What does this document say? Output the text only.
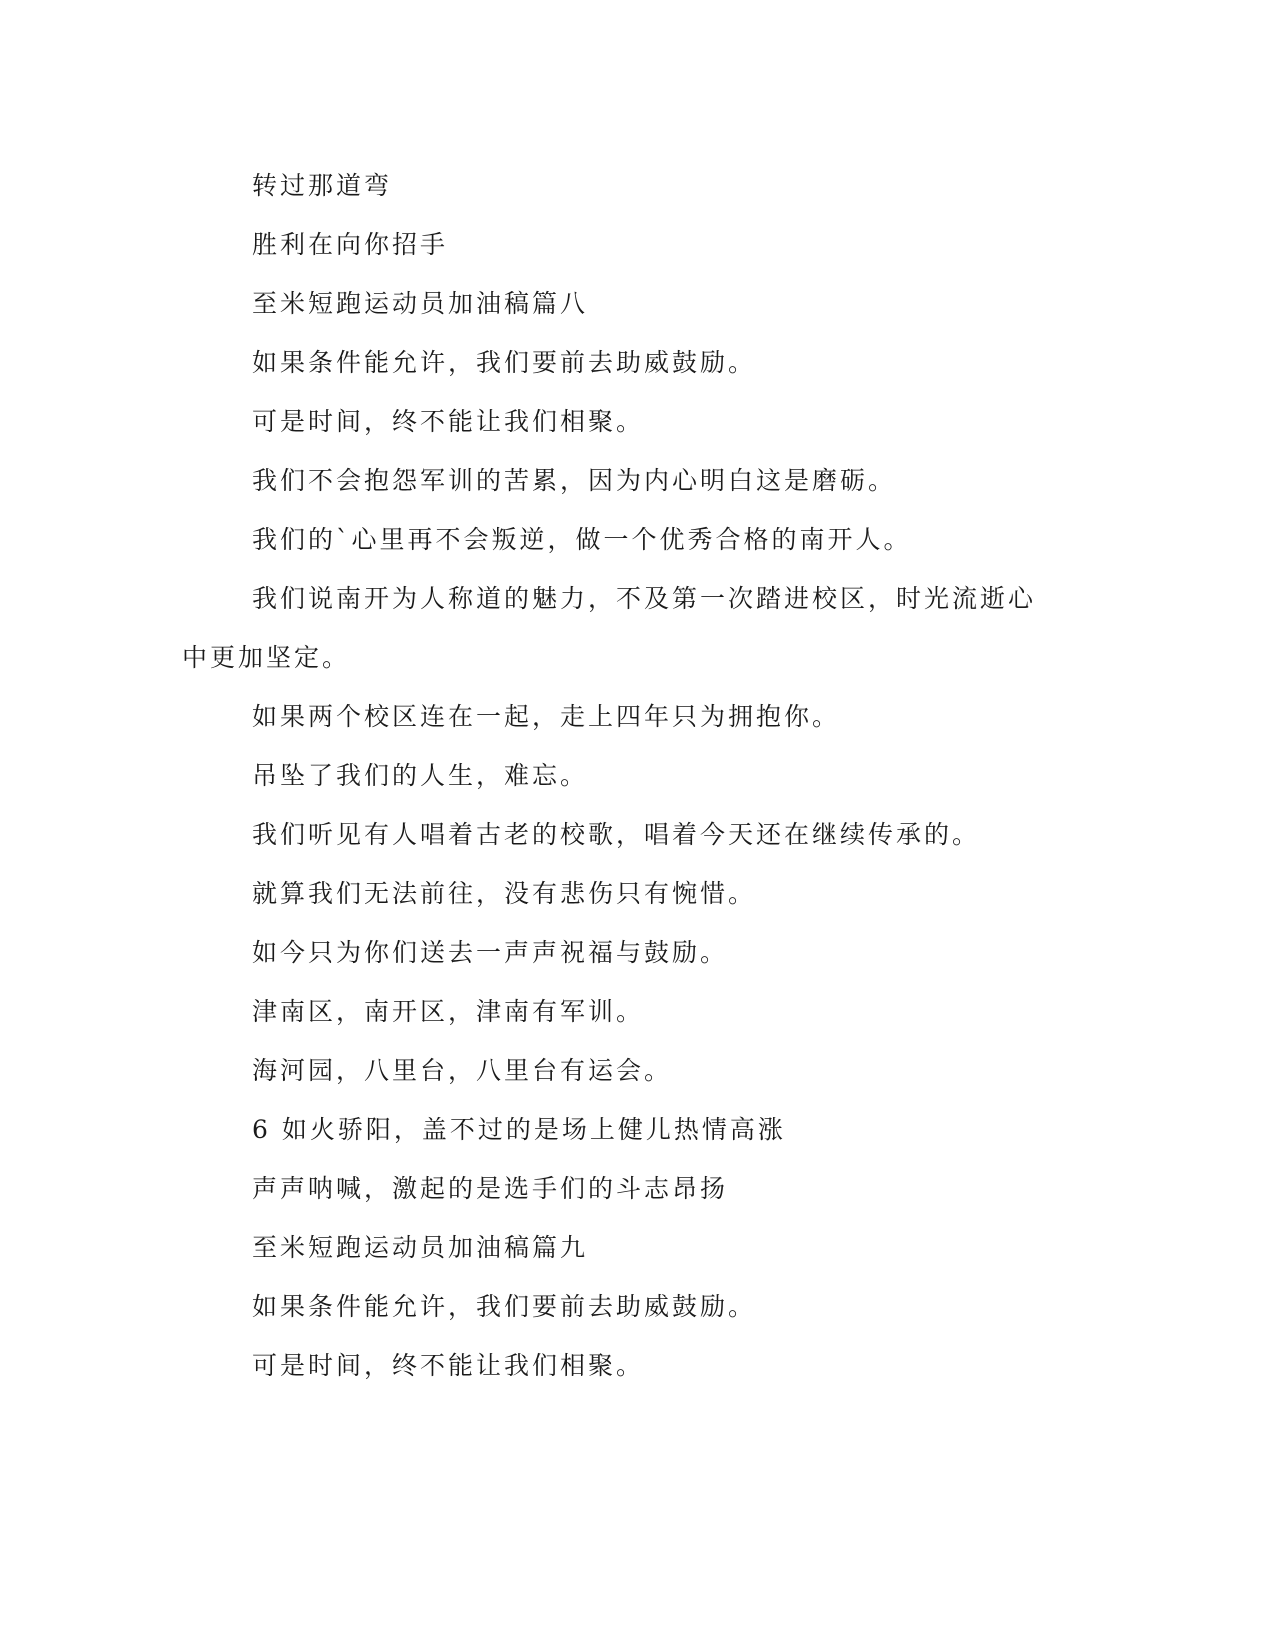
转过那道弯

胜利在向你招手

至米短跑运动员加油稿篇八

如果条件能允许，我们要前去助威鼓励。

可是时间，终不能让我们相聚。

我们不会抱怨军训的苦累，因为内心明白这是磨砺。

我们的`心里再不会叛逆，做一个优秀合格的南开人。

我们说南开为人称道的魅力，不及第一次踏进校区，时光流逝心中更加坚定。

如果两个校区连在一起，走上四年只为拥抱你。

吊坠了我们的人生，难忘。

我们听见有人唱着古老的校歌，唱着今天还在继续传承的。

就算我们无法前往，没有悲伤只有惋惜。

如今只为你们送去一声声祝福与鼓励。

津南区，南开区，津南有军训。

海河园，八里台，八里台有运会。

6 如火骄阳，盖不过的是场上健儿热情高涨

声声呐喊，激起的是选手们的斗志昂扬

至米短跑运动员加油稿篇九

如果条件能允许，我们要前去助威鼓励。

可是时间，终不能让我们相聚。
